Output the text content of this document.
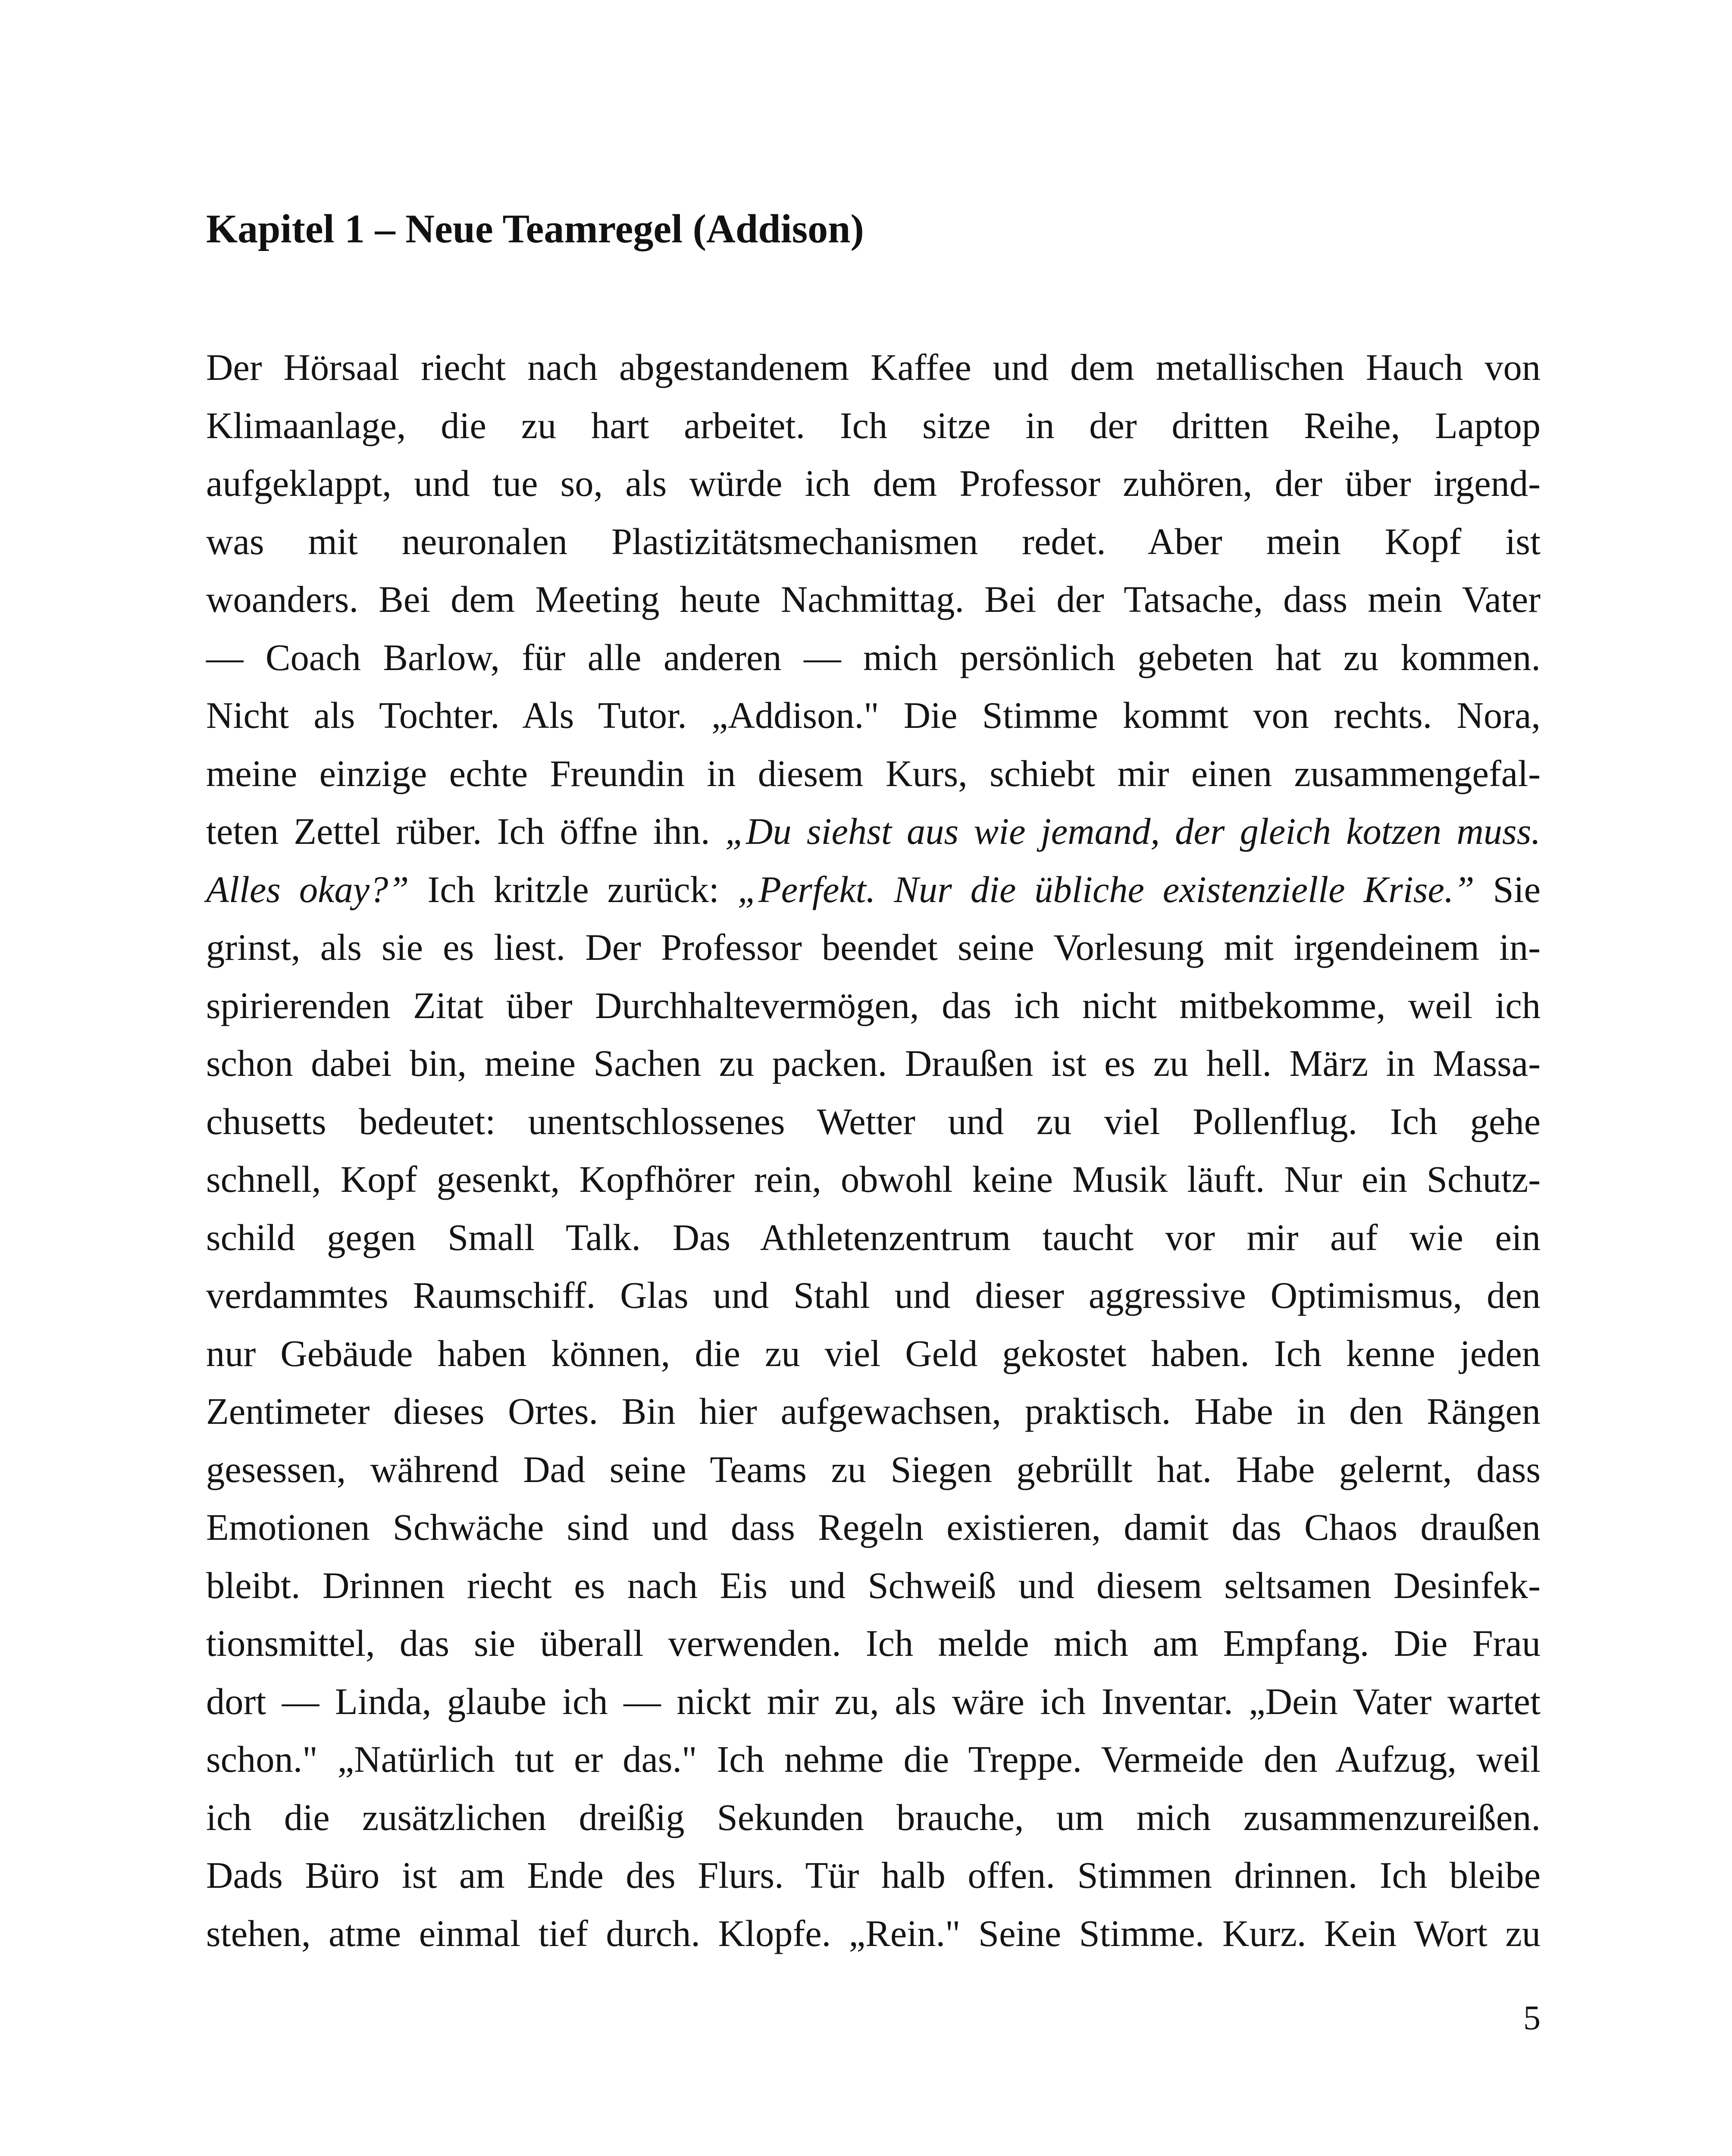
Kapitel 1 – Neue Teamregel (Addison)
Der Hörsaal riecht nach abgestandenem Kaffee und dem metallischen Hauch von
Klimaanlage, die zu hart arbeitet. Ich sitze in der dritten Reihe, Laptop
aufgeklappt, und tue so, als würde ich dem Professor zuhören, der über irgend-
was mit neuronalen Plastizitätsmechanismen redet. Aber mein Kopf ist
woanders. Bei dem Meeting heute Nachmittag. Bei der Tatsache, dass mein Vater
— Coach Barlow, für alle anderen — mich persönlich gebeten hat zu kommen.
Nicht als Tochter. Als Tutor. „Addison." Die Stimme kommt von rechts. Nora,
meine einzige echte Freundin in diesem Kurs, schiebt mir einen zusammengefal-
teten Zettel rüber. Ich öffne ihn. „Du siehst aus wie jemand, der gleich kotzen muss.
Alles okay?” Ich kritzle zurück: „Perfekt. Nur die übliche existenzielle Krise.” Sie
grinst, als sie es liest. Der Professor beendet seine Vorlesung mit irgendeinem in-
spirierenden Zitat über Durchhaltevermögen, das ich nicht mitbekomme, weil ich
schon dabei bin, meine Sachen zu packen. Draußen ist es zu hell. März in Massa-
chusetts bedeutet: unentschlossenes Wetter und zu viel Pollenflug. Ich gehe
schnell, Kopf gesenkt, Kopfhörer rein, obwohl keine Musik läuft. Nur ein Schutz-
schild gegen Small Talk. Das Athletenzentrum taucht vor mir auf wie ein
verdammtes Raumschiff. Glas und Stahl und dieser aggressive Optimismus, den
nur Gebäude haben können, die zu viel Geld gekostet haben. Ich kenne jeden
Zentimeter dieses Ortes. Bin hier aufgewachsen, praktisch. Habe in den Rängen
gesessen, während Dad seine Teams zu Siegen gebrüllt hat. Habe gelernt, dass
Emotionen Schwäche sind und dass Regeln existieren, damit das Chaos draußen
bleibt. Drinnen riecht es nach Eis und Schweiß und diesem seltsamen Desinfek-
tionsmittel, das sie überall verwenden. Ich melde mich am Empfang. Die Frau
dort — Linda, glaube ich — nickt mir zu, als wäre ich Inventar. „Dein Vater wartet
schon." „Natürlich tut er das." Ich nehme die Treppe. Vermeide den Aufzug, weil
ich die zusätzlichen dreißig Sekunden brauche, um mich zusammenzureißen.
Dads Büro ist am Ende des Flurs. Tür halb offen. Stimmen drinnen. Ich bleibe
stehen, atme einmal tief durch. Klopfe. „Rein." Seine Stimme. Kurz. Kein Wort zu
5
